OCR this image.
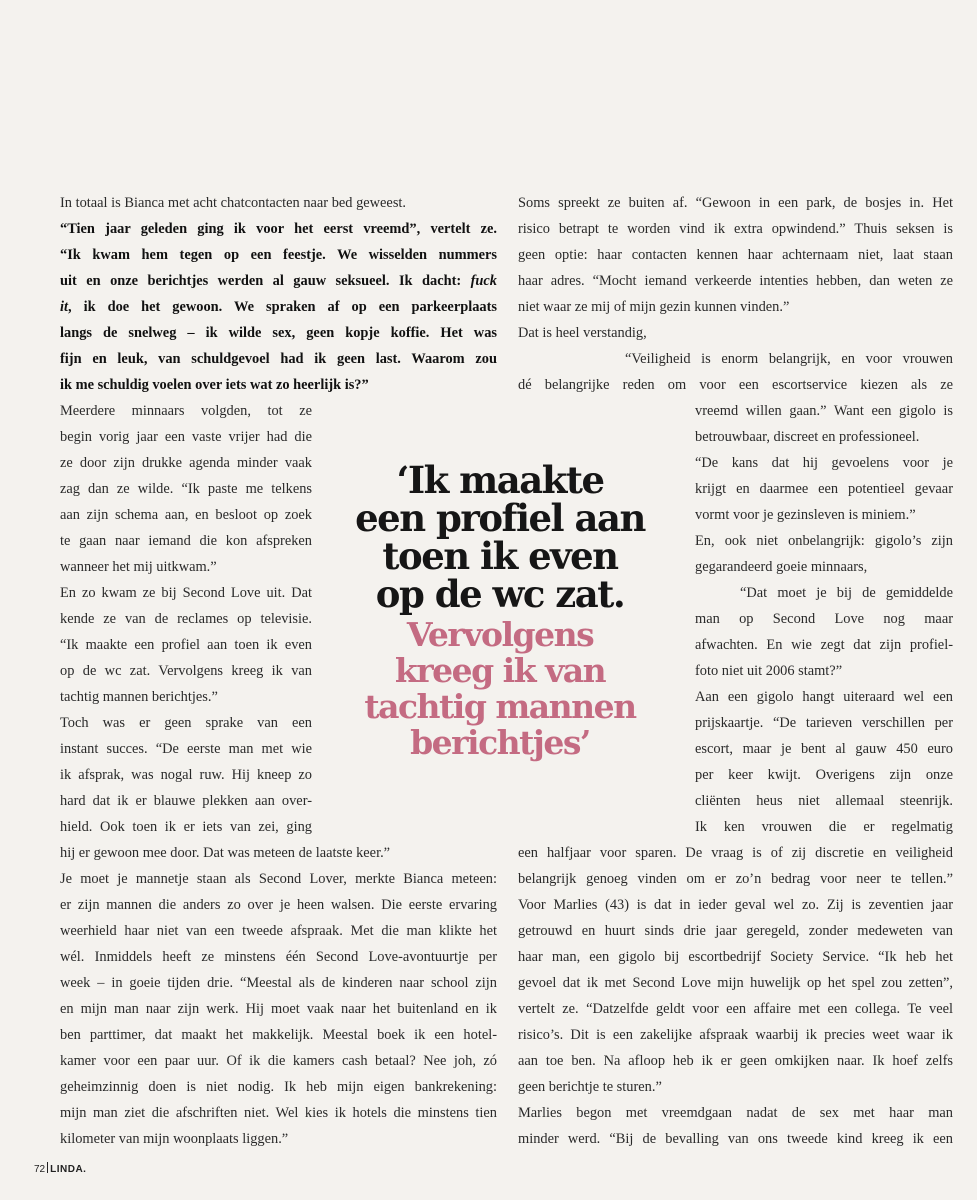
In totaal is Bianca met acht chatcontacten naar bed geweest.
“Tien jaar geleden ging ik voor het eerst vreemd”, vertelt ze.
“Ik kwam hem tegen op een feestje. We wisselden nummers
uit en onze berichtjes werden al gauw seksueel. Ik dacht: fuck
it, ik doe het gewoon. We spraken af op een parkeerplaats
langs de snelweg – ik wilde sex, geen kopje koffie. Het was
fijn en leuk, van schuldgevoel had ik geen last. Waarom zou
ik me schuldig voelen over iets wat zo heerlijk is?”
Meerdere minnaars volgden, tot ze
begin vorig jaar een vaste vrijer had die
ze door zijn drukke agenda minder vaak
zag dan ze wilde. “Ik paste me telkens
aan zijn schema aan, en besloot op zoek
te gaan naar iemand die kon afspreken
wanneer het mij uitkwam.”
En zo kwam ze bij Second Love uit. Dat
kende ze van de reclames op televisie.
“Ik maakte een profiel aan toen ik even
op de wc zat. Vervolgens kreeg ik van
tachtig mannen berichtjes.”
Toch was er geen sprake van een
instant succes. “De eerste man met wie
ik afsprak, was nogal ruw. Hij kneep zo
hard dat ik er blauwe plekken aan over-
hield. Ook toen ik er iets van zei, ging
hij er gewoon mee door. Dat was meteen de laatste keer.”
Je moet je mannetje staan als Second Lover, merkte Bianca meteen:
er zijn mannen die anders zo over je heen walsen. Die eerste ervaring
weerhield haar niet van een tweede afspraak. Met die man klikte het
wél. Inmiddels heeft ze minstens één Second Love-avontuurtje per
week – in goeie tijden drie. “Meestal als de kinderen naar school zijn
en mijn man naar zijn werk. Hij moet vaak naar het buitenland en ik
ben parttimer, dat maakt het makkelijk. Meestal boek ik een hotel-
kamer voor een paar uur. Of ik die kamers cash betaal? Nee joh, zó
geheimzinnig doen is niet nodig. Ik heb mijn eigen bankrekening:
mijn man ziet die afschriften niet. Wel kies ik hotels die minstens tien
kilometer van mijn woonplaats liggen.”
Soms spreekt ze buiten af. “Gewoon in een park, de bosjes in. Het
risico betrapt te worden vind ik extra opwindend.” Thuis seksen is
geen optie: haar contacten kennen haar achternaam niet, laat staan
haar adres. “Mocht iemand verkeerde intenties hebben, dan weten ze
niet waar ze mij of mijn gezin kunnen vinden.”
Dat is heel verstandig,
“Veiligheid is enorm belangrijk, en voor vrouwen
dé belangrijke reden om voor een escortservice kiezen als ze
vreemd willen gaan.” Want een gigolo is
betrouwbaar, discreet en professioneel.
“De kans dat hij gevoelens voor je
krijgt en daarmee een potentieel gevaar
vormt voor je gezinsleven is miniem.”
En, ook niet onbelangrijk: gigolo’s zijn
gegarandeerd goeie minnaars,
“Dat moet je bij de gemiddelde
man op Second Love nog maar
afwachten. En wie zegt dat zijn profiel-
foto niet uit 2006 stamt?”
Aan een gigolo hangt uiteraard wel een
prijskaartje. “De tarieven verschillen per
escort, maar je bent al gauw 450 euro
per keer kwijt. Overigens zijn onze
cliënten heus niet allemaal steenrijk.
Ik ken vrouwen die er regelmatig
een halfjaar voor sparen. De vraag is of zij discretie en veiligheid
belangrijk genoeg vinden om er zo’n bedrag voor neer te tellen.”
Voor Marlies (43) is dat in ieder geval wel zo. Zij is zeventien jaar
getrouwd en huurt sinds drie jaar geregeld, zonder medeweten van
haar man, een gigolo bij escortbedrijf Society Service. “Ik heb het
gevoel dat ik met Second Love mijn huwelijk op het spel zou zetten”,
vertelt ze. “Datzelfde geldt voor een affaire met een collega. Te veel
risico’s. Dit is een zakelijke afspraak waarbij ik precies weet waar ik
aan toe ben. Na afloop heb ik er geen omkijken naar. Ik hoef zelfs
geen berichtje te sturen.”
Marlies begon met vreemdgaan nadat de sex met haar man
minder werd. “Bij de bevalling van ons tweede kind kreeg ik een
‘Ik maakte
een profiel aan
toen ik even
op de wc zat.
Vervolgens
kreeg ik van
tachtig mannen
berichtjes’
72 LINDA.
